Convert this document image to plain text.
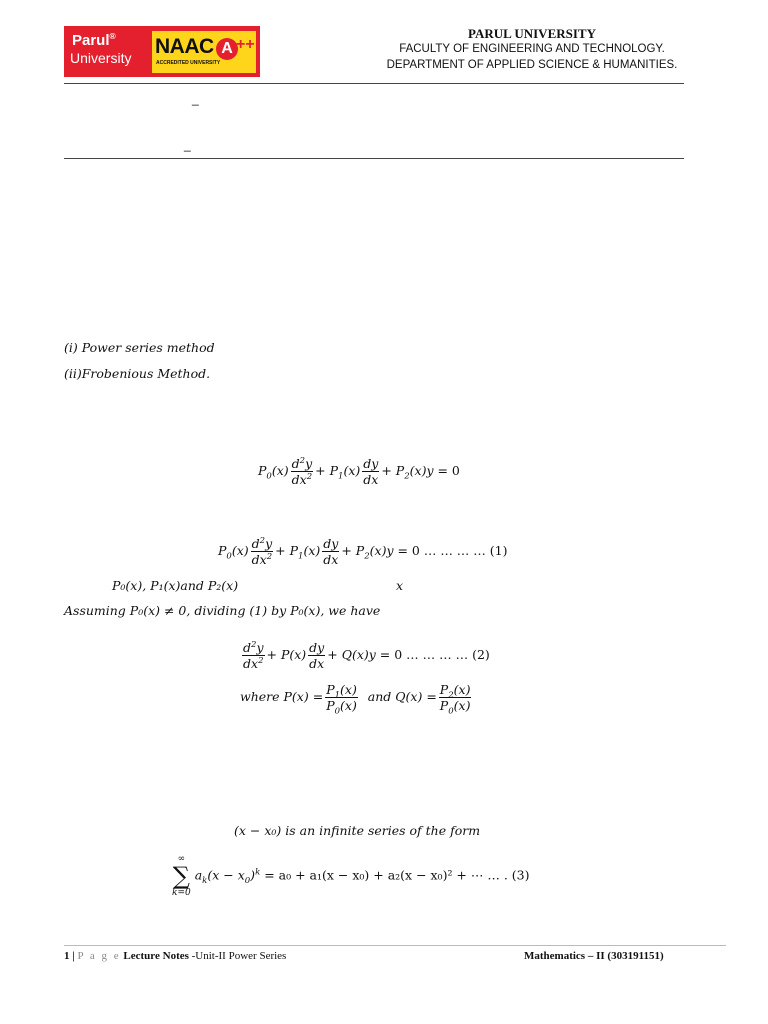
Parul®
University NAAC
ACCREDITED UNIVERSITY
A ++
PARUL UNIVERSITY
FACULTY OF ENGINEERING AND TECHNOLOGY.
DEPARTMENT OF APPLIED SCIENCE & HUMANITIES.
_
_
(i) Power series method
(ii)Frobenious Method.
$P_0(x) \frac{d^2y}{dx^2} + P_1(x) \frac{dy}{dx} + P_2(x)y = 0$
$P_0(x) \frac{d^2y}{dx^2} + P_1(x) \frac{dy}{dx} + P_2(x)y = 0$ … … … … (1)
P₀(x), P₁(x)and P₂(x)	x
Assuming P₀(x) ≠ 0, dividing (1) by P₀(x), we have
$\frac{d^2y}{dx^2} + P(x) \frac{dy}{dx} + Q(x)y = 0$ … … … … (2)
where $P(x) = \frac{P_1(x)}{P_0(x)}$ and $Q(x) = \frac{P_2(x)}{P_0(x)}$
(x − x₀) is an infinite series of the form
∞
∑
k=0
$a_k(x - x_0)^k = a_0 + a_1(x - x_0) + a_2(x - x_0)^2$ + ⋯ … . (3)
1 | P a g e Lecture Notes -Unit-II Power Series	Mathematics – II (303191151)
